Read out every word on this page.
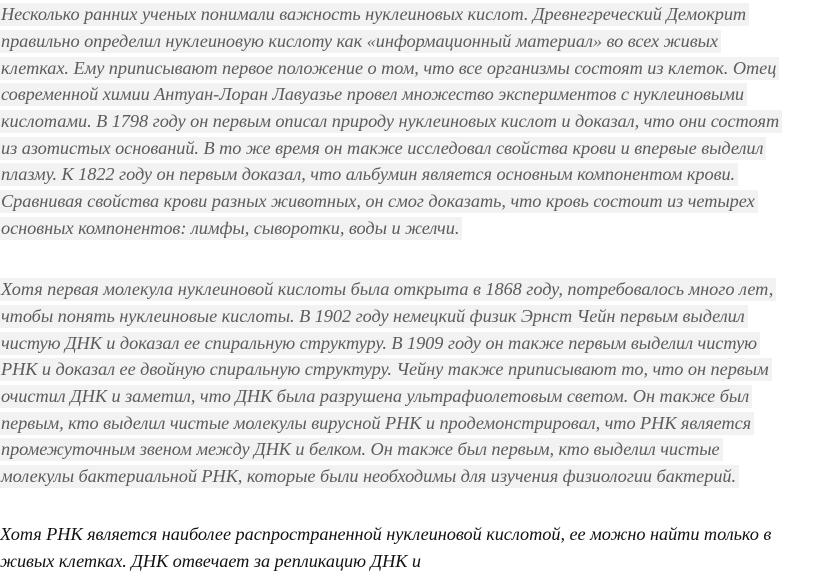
Несколько ранних ученых понимали важность нуклеиновых кислот. Древнегреческий Демокрит
правильно определил нуклеиновую кислоту как «информационный материал» во всех живых
клетках. Ему приписывают первое положение о том, что все организмы состоят из клеток. Отец
современной химии Антуан-Лоран Лавуазье провел множество экспериментов с нуклеиновыми
кислотами. В 1798 году он первым описал природу нуклеиновых кислот и доказал, что они состоят
из азотистых оснований. В то же время он также исследовал свойства крови и впервые выделил
плазму. К 1822 году он первым доказал, что альбумин является основным компонентом крови.
Сравнивая свойства крови разных животных, он смог доказать, что кровь состоит из четырех
основных компонентов: лимфы, сыворотки, воды и желчи.
Хотя первая молекула нуклеиновой кислоты была открыта в 1868 году, потребовалось много лет,
чтобы понять нуклеиновые кислоты. В 1902 году немецкий физик Эрнст Чейн первым выделил
чистую ДНК и доказал ее спиральную структуру. В 1909 году он также первым выделил чистую
РНК и доказал ее двойную спиральную структуру. Чейну также приписывают то, что он первым
очистил ДНК и заметил, что ДНК была разрушена ультрафиолетовым светом. Он также был
первым, кто выделил чистые молекулы вирусной РНК и продемонстрировал, что РНК является
промежуточным звеном между ДНК и белком. Он также был первым, кто выделил чистые
молекулы бактериальной РНК, которые были необходимы для изучения физиологии бактерий.
Хотя РНК является наиболее распространенной нуклеиновой кислотой, ее можно найти только в
живых клетках. ДНК отвечает за репликацию ДНК и
